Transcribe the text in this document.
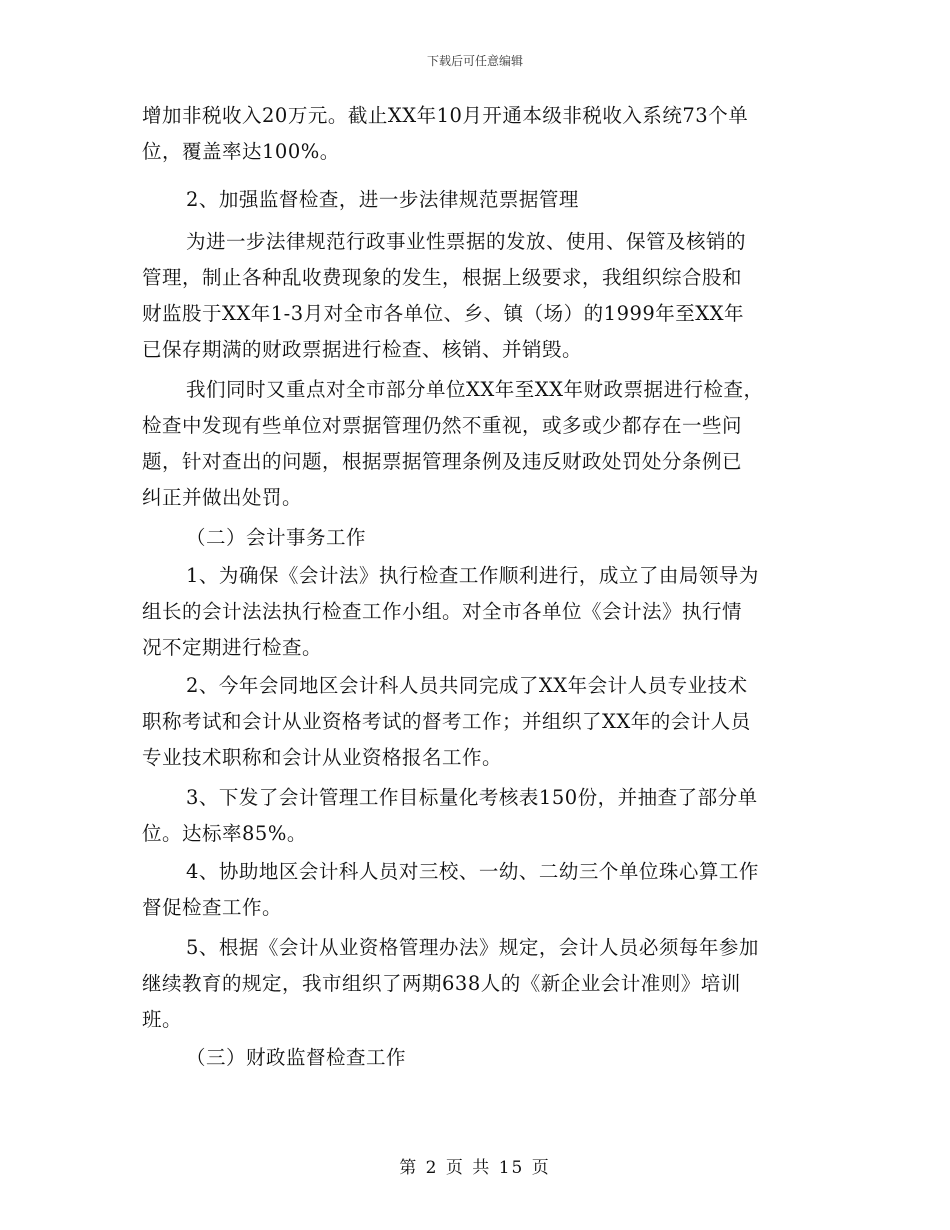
下载后可任意编辑
增加非税收入20万元。截止XX年10月开通本级非税收入系统73个单
位，覆盖率达100%。
2、加强监督检查，进一步法律规范票据管理
为进一步法律规范行政事业性票据的发放、使用、保管及核销的
管理，制止各种乱收费现象的发生，根据上级要求，我组织综合股和
财监股于XX年1-3月对全市各单位、乡、镇（场）的1999年至XX年
已保存期满的财政票据进行检查、核销、并销毁。
我们同时又重点对全市部分单位XX年至XX年财政票据进行检查，
检查中发现有些单位对票据管理仍然不重视，或多或少都存在一些问
题，针对查出的问题，根据票据管理条例及违反财政处罚处分条例已
纠正并做出处罚。
（二）会计事务工作
1、为确保《会计法》执行检查工作顺利进行，成立了由局领导为
组长的会计法法执行检查工作小组。对全市各单位《会计法》执行情
况不定期进行检查。
2、今年会同地区会计科人员共同完成了XX年会计人员专业技术
职称考试和会计从业资格考试的督考工作；并组织了XX年的会计人员
专业技术职称和会计从业资格报名工作。
3、下发了会计管理工作目标量化考核表150份，并抽查了部分单
位。达标率85%。
4、协助地区会计科人员对三校、一幼、二幼三个单位珠心算工作
督促检查工作。
5、根据《会计从业资格管理办法》规定，会计人员必须每年参加
继续教育的规定，我市组织了两期638人的《新企业会计准则》培训
班。
（三）财政监督检查工作
第 2 页 共 15 页
